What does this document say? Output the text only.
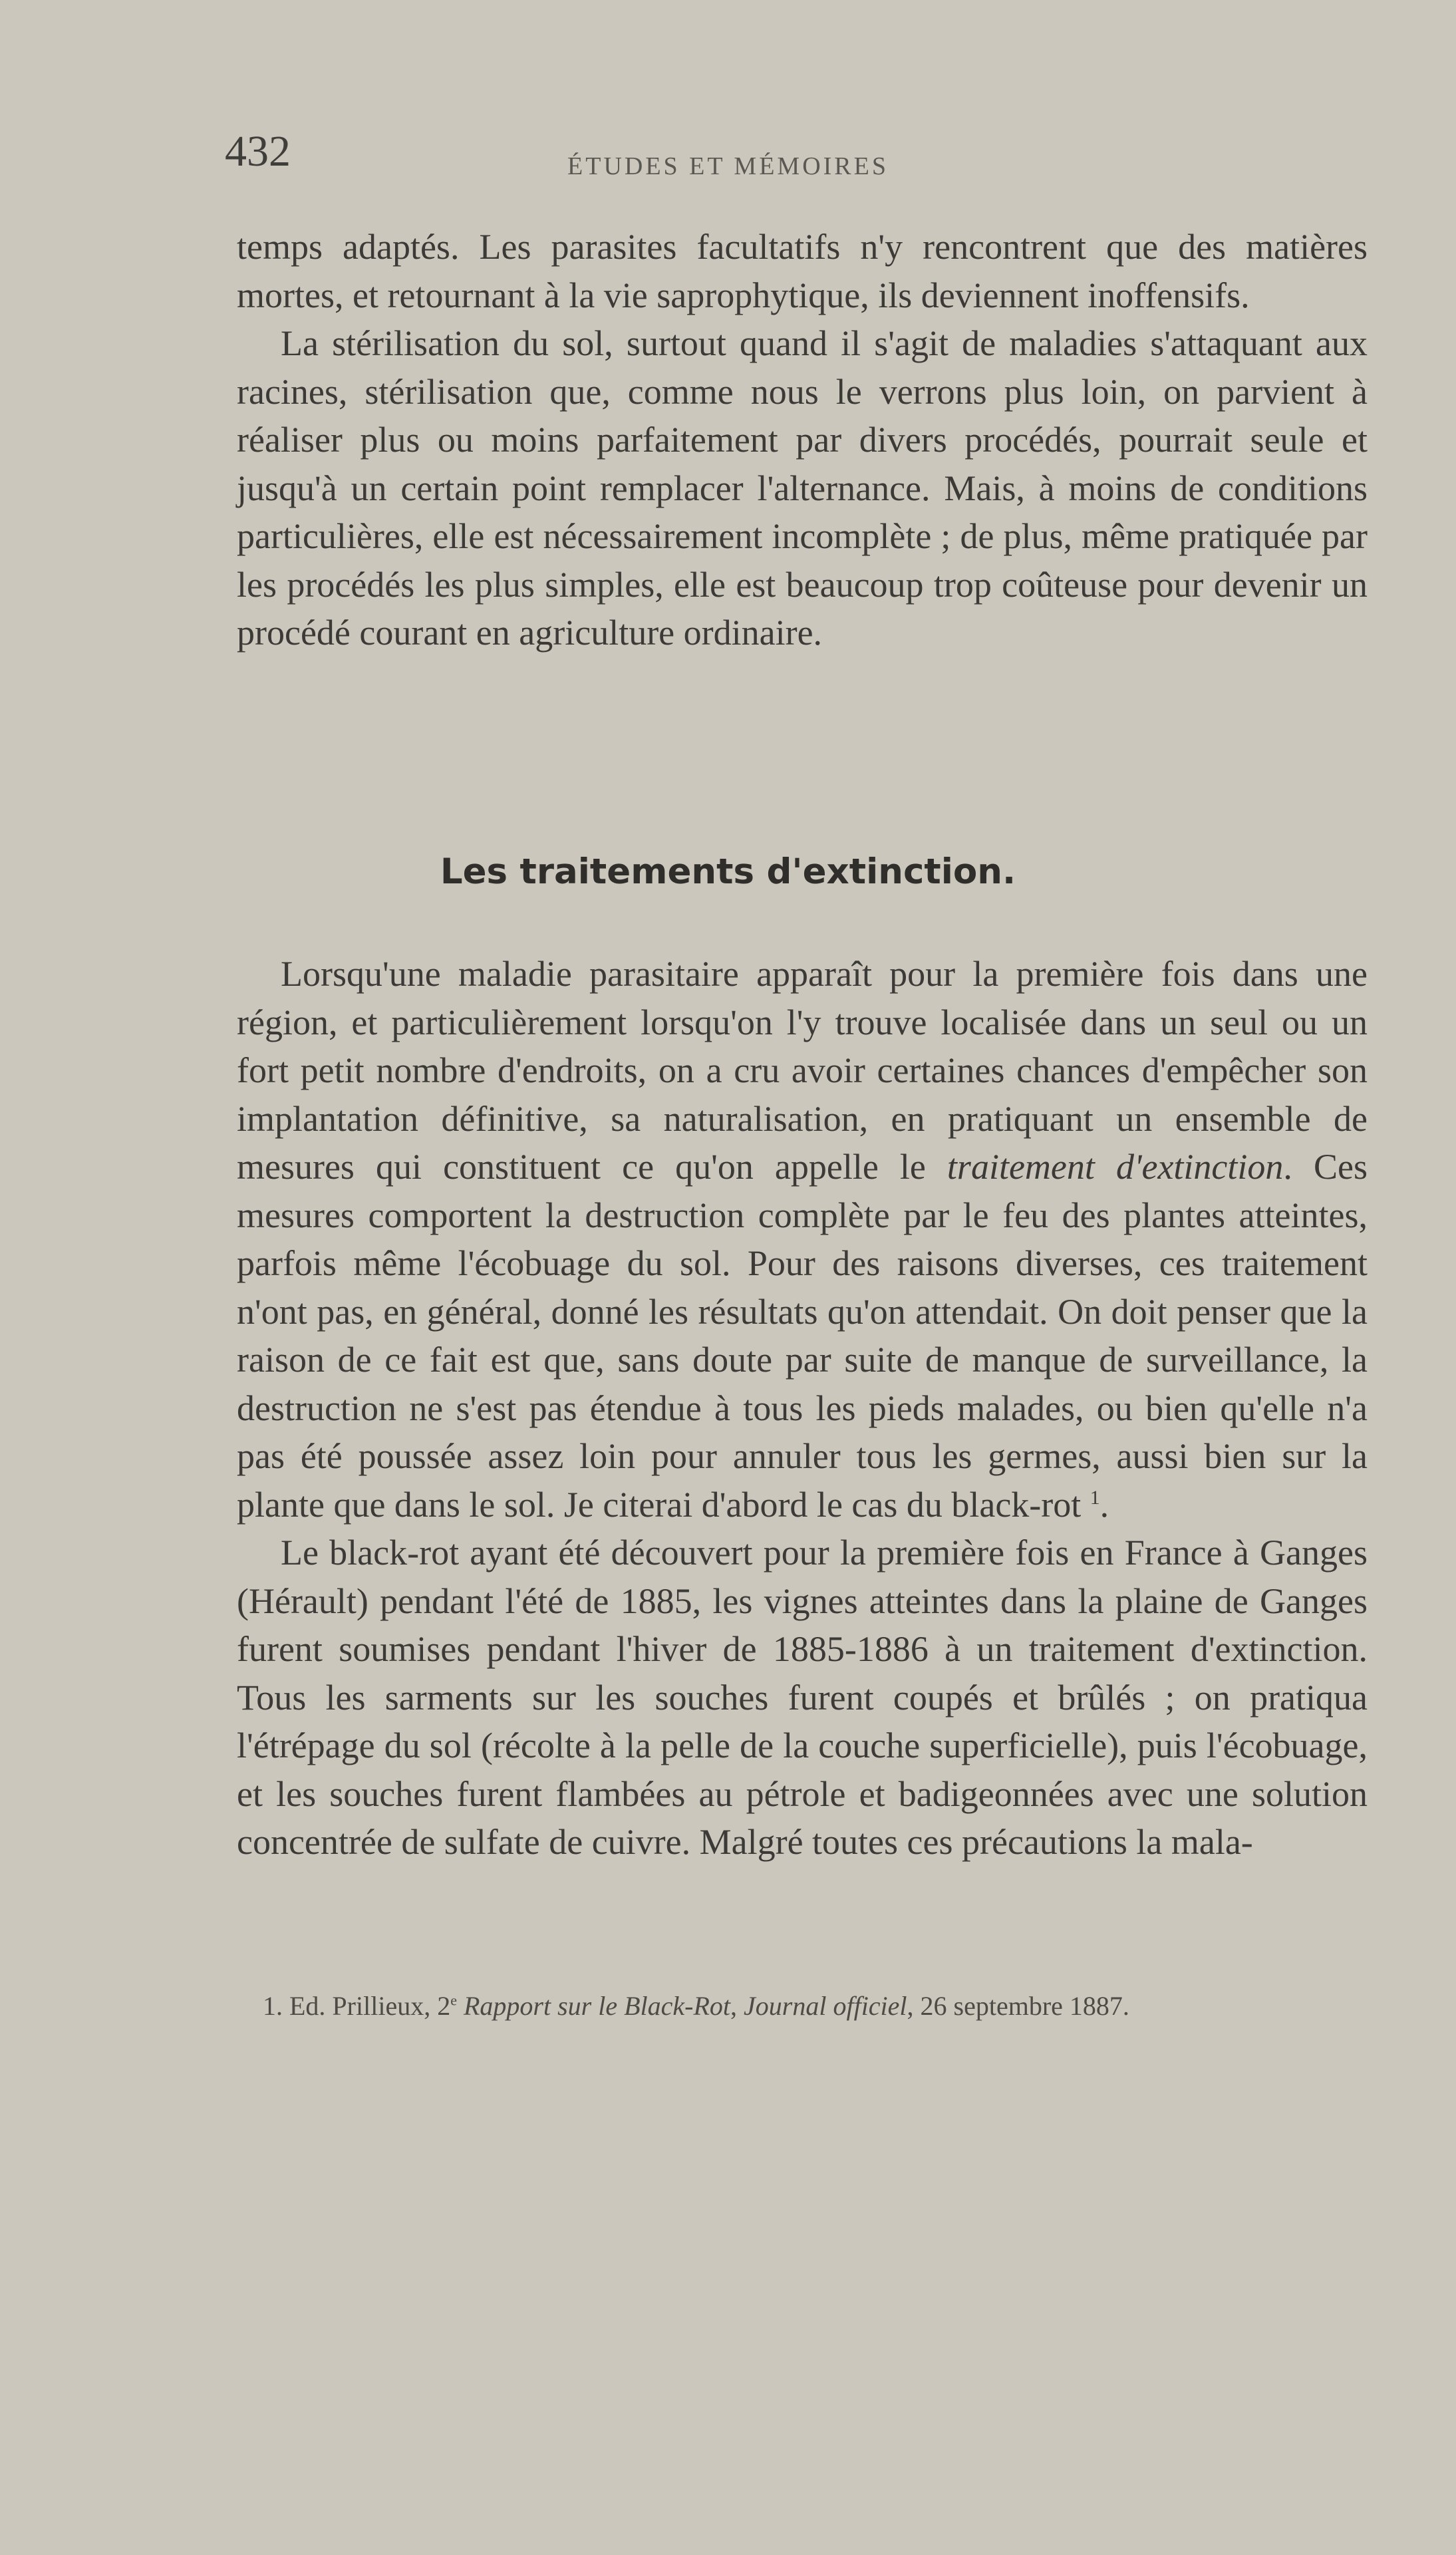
432	ÉTUDES ET MÉMOIRES

temps adaptés. Les parasites facultatifs n'y rencontrent que des matières mortes, et retournant à la vie saprophytique, ils deviennent inoffensifs.

La stérilisation du sol, surtout quand il s'agit de maladies s'attaquant aux racines, stérilisation que, comme nous le verrons plus loin, on parvient à réaliser plus ou moins parfaitement par divers procédés, pourrait seule et jusqu'à un certain point remplacer l'alternance. Mais, à moins de conditions particulières, elle est nécessairement incomplète ; de plus, même pratiquée par les procédés les plus simples, elle est beaucoup trop coûteuse pour devenir un procédé courant en agriculture ordinaire.

Les traitements d'extinction.

Lorsqu'une maladie parasitaire apparaît pour la première fois dans une région, et particulièrement lorsqu'on l'y trouve localisée dans un seul ou un fort petit nombre d'endroits, on a cru avoir certaines chances d'empêcher son implantation définitive, sa naturalisation, en pratiquant un ensemble de mesures qui constituent ce qu'on appelle le traitement d'extinction. Ces mesures comportent la destruction complète par le feu des plantes atteintes, parfois même l'écobuage du sol. Pour des raisons diverses, ces traitement n'ont pas, en général, donné les résultats qu'on attendait. On doit penser que la raison de ce fait est que, sans doute par suite de manque de surveillance, la destruction ne s'est pas étendue à tous les pieds malades, ou bien qu'elle n'a pas été poussée assez loin pour annuler tous les germes, aussi bien sur la plante que dans le sol. Je citerai d'abord le cas du black-rot $^1$.

Le black-rot ayant été découvert pour la première fois en France à Ganges (Hérault) pendant l'été de 1885, les vignes atteintes dans la plaine de Ganges furent soumises pendant l'hiver de 1885-1886 à un traitement d'extinction. Tous les sarments sur les souches furent coupés et brûlés ; on pratiqua l'étrépage du sol (récolte à la pelle de la couche superficielle), puis l'écobuage, et les souches furent flambées au pétrole et badigeonnées avec une solution concentrée de sulfate de cuivre. Malgré toutes ces précautions la mala-

1. Ed. Prillieux, 2e Rapport sur le Black-Rot, Journal officiel, 26 septembre 1887.
